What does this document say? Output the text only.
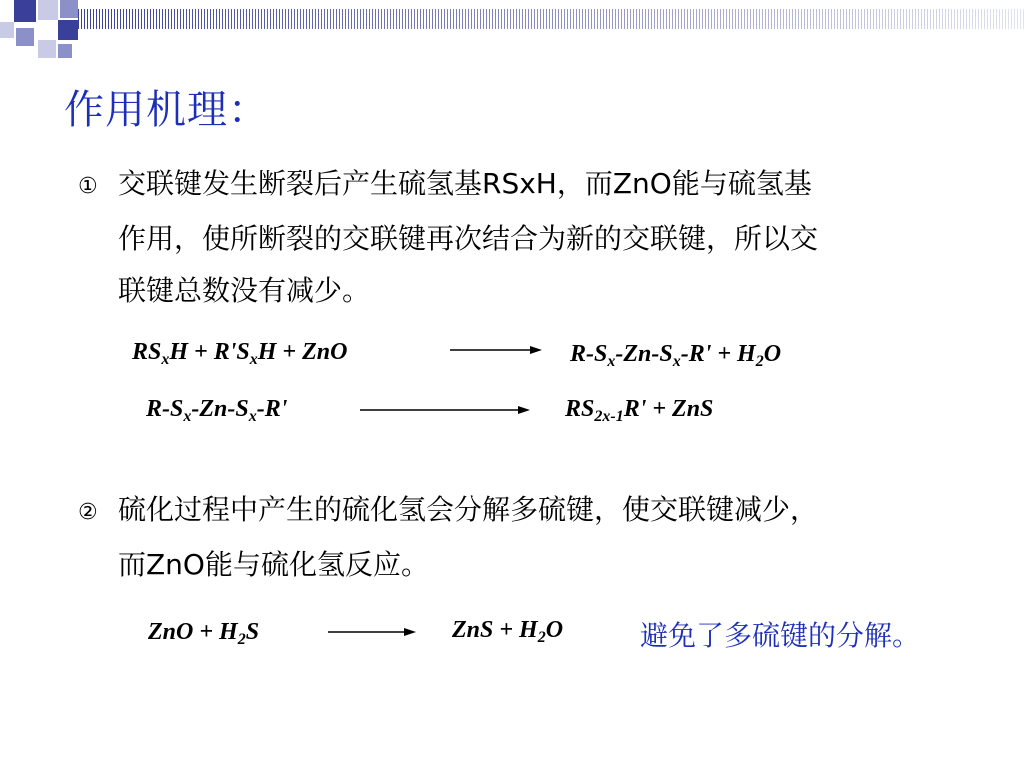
作用机理：
① 交联键发生断裂后产生硫氢基RSxH，而ZnO能与硫氢基
作用，使所断裂的交联键再次结合为新的交联键，所以交
联键总数没有减少。
$RS_xH + R'S_xH$ + ZnO	$R-S_x-Zn-S_x-R' + H_2O$
$R-S_x-Zn-S_x-R'$	$RS_{2x-1}R'$ + ZnS
② 硫化过程中产生的硫化氢会分解多硫键，使交联键减少，
而ZnO能与硫化氢反应。
ZnO + $H_2S$	ZnS + $H_2O$	避免了多硫键的分解。
